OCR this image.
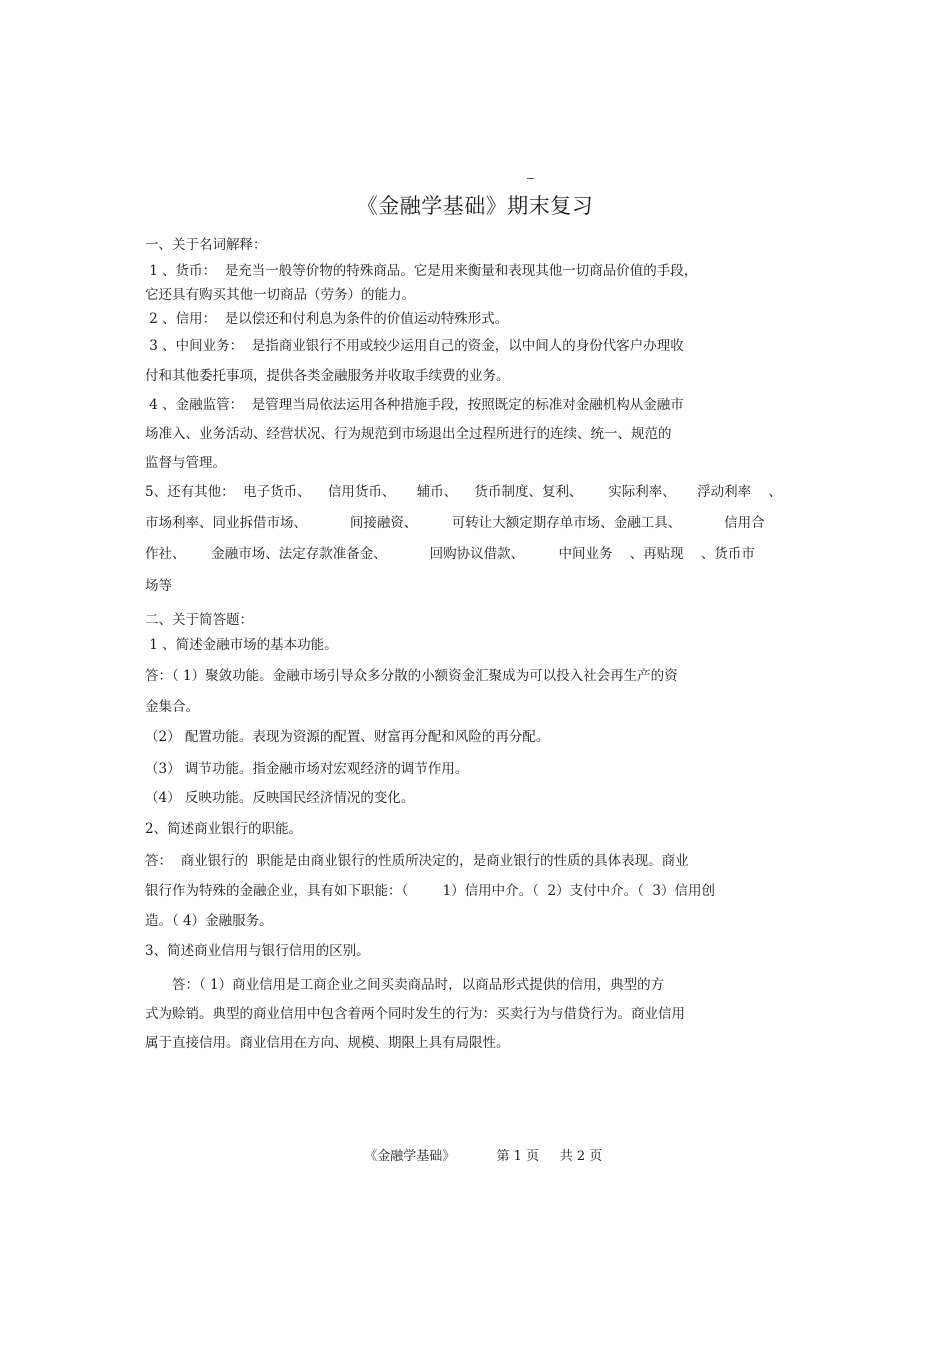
《金融学基础》期末复习
一、关于名词解释：
1 、货币：  是充当一般等价物的特殊商品。它是用来衡量和表现其他一切商品价值的手段，
它还具有购买其他一切商品（劳务）的能力。
2 、信用：  是以偿还和付利息为条件的价值运动特殊形式。
3 、中间业务：  是指商业银行不用或较少运用自己的资金，以中间人的身份代客户办理收
付和其他委托事项，提供各类金融服务并收取手续费的业务。
4 、金融监管：  是管理当局依法运用各种措施手段，按照既定的标准对金融机构从金融市
场准入、业务活动、经营状况、行为规范到市场退出全过程所进行的连续、统一、规范的
监督与管理。
5、还有其他：  电子货币、    信用货币、     辅币、    货币制度、复利、      实际利率、     浮动利率    、
市场利率、同业拆借市场、          间接融资、        可转让大额定期存单市场、金融工具、          信用合
作社、      金融市场、法定存款准备金、          回购协议借款、        中间业务    、再贴现    、货币市
场等
二、关于简答题：
1 、简述金融市场的基本功能。
答：（ 1）聚敛功能。金融市场引导众多分散的小额资金汇聚成为可以投入社会再生产的资
金集合。
（2） 配置功能。表现为资源的配置、财富再分配和风险的再分配。
（3） 调节功能。指金融市场对宏观经济的调节作用。
（4） 反映功能。反映国民经济情况的变化。
2、简述商业银行的职能。
答：  商业银行的  职能是由商业银行的性质所决定的，是商业银行的性质的具体表现。商业
银行作为特殊的金融企业，具有如下职能：（        1）信用中介。（  2）支付中介。（  3）信用创
造。（ 4）金融服务。
3、简述商业信用与银行信用的区别。
答：（ 1）商业信用是工商企业之间买卖商品时，以商品形式提供的信用，典型的方
式为赊销。典型的商业信用中包含着两个同时发生的行为：买卖行为与借贷行为。商业信用
属于直接信用。商业信用在方向、规模、期限上具有局限性。

《金融学基础》	第 1 页 共 2 页
